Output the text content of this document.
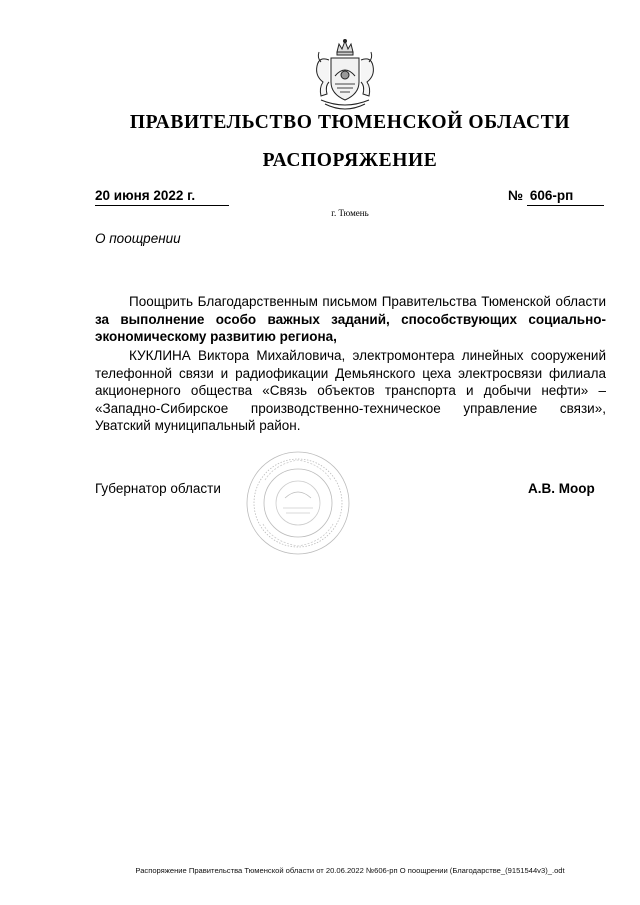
ПРАВИТЕЛЬСТВО ТЮМЕНСКОЙ ОБЛАСТИ
РАСПОРЯЖЕНИЕ
20 июня 2022 г.	№ 606-рп
г. Тюмень
О поощрении
Поощрить Благодарственным письмом Правительства Тюменской области за выполнение особо важных заданий, способствующих социально-экономическому развитию региона,
КУКЛИНА Виктора Михайловича, электромонтера линейных сооружений телефонной связи и радиофикации Демьянского цеха электросвязи филиала акционерного общества «Связь объектов транспорта и добычи нефти» – «Западно-Сибирское производственно-техническое управление связи», Уватский муниципальный район.
Губернатор области	А.В. Моор
Распоряжение Правительства Тюменской области от 20.06.2022 №606-рп О поощрении (Благодарстве_(9151544v3)_.odt
